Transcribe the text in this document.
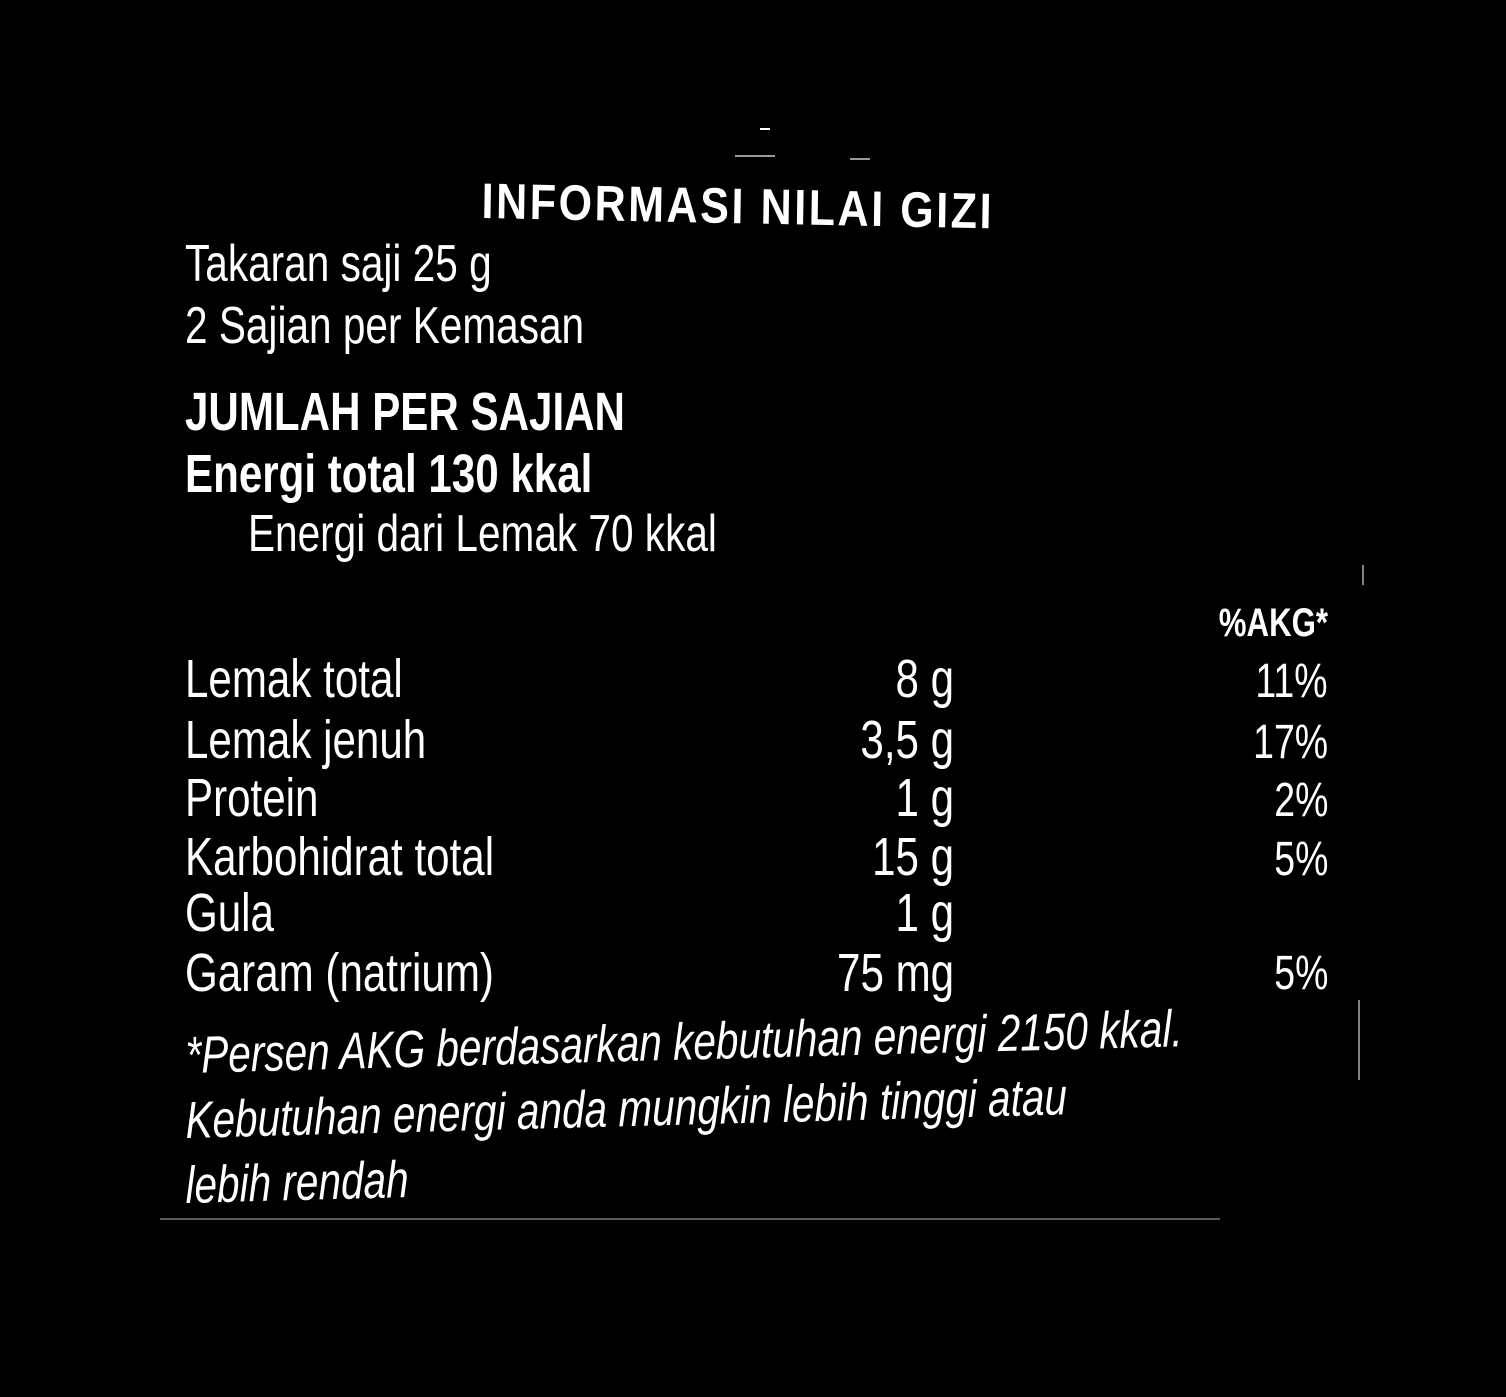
INFORMASI NILAI GIZI
Takaran saji 25 g
2 Sajian per Kemasan
JUMLAH PER SAJIAN
Energi total 130 kkal
Energi dari Lemak 70 kkal
%AKG*
Lemak total	8 g	11%
Lemak jenuh	3,5 g	17%
Protein	1 g	2%
Karbohidrat total	15 g	5%
Gula	1 g
Garam (natrium)	75 mg	5%
*Persen AKG berdasarkan kebutuhan energi 2150 kkal.
Kebutuhan energi anda mungkin lebih tinggi atau
lebih rendah
